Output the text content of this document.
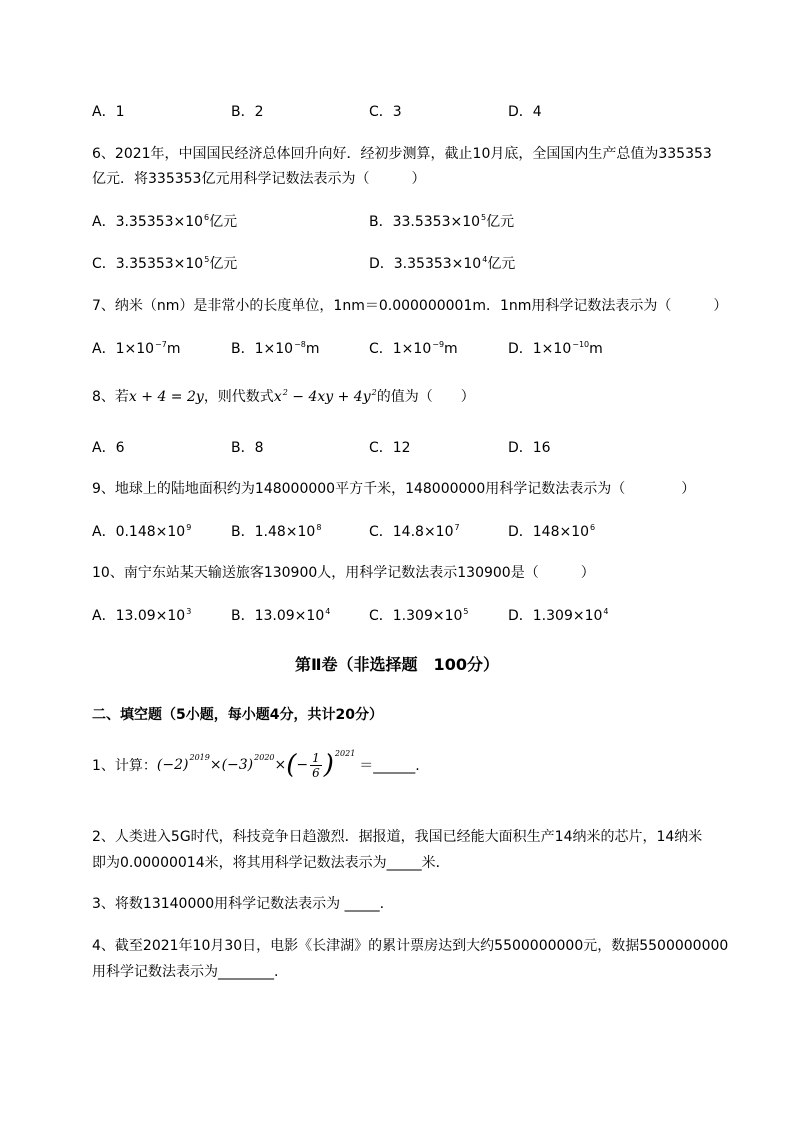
A．1	B．2	C．3	D．4
6、2021年，中国国民经济总体回升向好．经初步测算，截止10月底，全国国内生产总值为335353
亿元．将335353亿元用科学记数法表示为（　　　）
A．$3.35353\times 10^6$亿元	B．$33.5353\times 10^5$亿元
C．$3.35353\times 10^5$亿元	D．$3.35353\times 10^4$亿元
7、纳米（nm）是非常小的长度单位，1nm＝0.000000001m．1nm用科学记数法表示为（　　　）
A．$1\times 10^{-7}m$	B．$1\times 10^{-8}m$	C．$1\times 10^{-9}m$	D．$1\times 10^{-10}m$
8、若x + 4 = 2y，则代数式$x^2 - 4xy + 4y^2$的值为（　　）
A．6	B．8	C．12	D．16
9、地球上的陆地面积约为148000000平方千米，148000000用科学记数法表示为（　　　　）
A．$0.148\times 10^9$	B．$1.48\times 10^8$	C．$14.8\times 10^7$	D．$148\times 10^6$
10、南宁东站某天输送旅客130900人，用科学记数法表示130900是（　　　）
A．$13.09\times 10^3$	B．$13.09\times 10^4$	C．$1.309\times 10^5$	D．$1.309\times 10^4$
第Ⅱ卷（非选择题　100分）
二、填空题（5小题，每小题4分，共计20分）
1、计算： (−2) 2019 ×(−3) 2020 × ( − $\frac{1}{6}$ ) 2021
＝______.
2、人类进入5G时代，科技竞争日趋激烈．据报道，我国已经能大面积生产14纳米的芯片，14纳米
即为0.00000014米，将其用科学记数法表示为_____米．
3、将数13140000用科学记数法表示为 _____.
4、截至2021年10月30日，电影《长津湖》的累计票房达到大约5500000000元，数据5500000000
用科学记数法表示为________.
